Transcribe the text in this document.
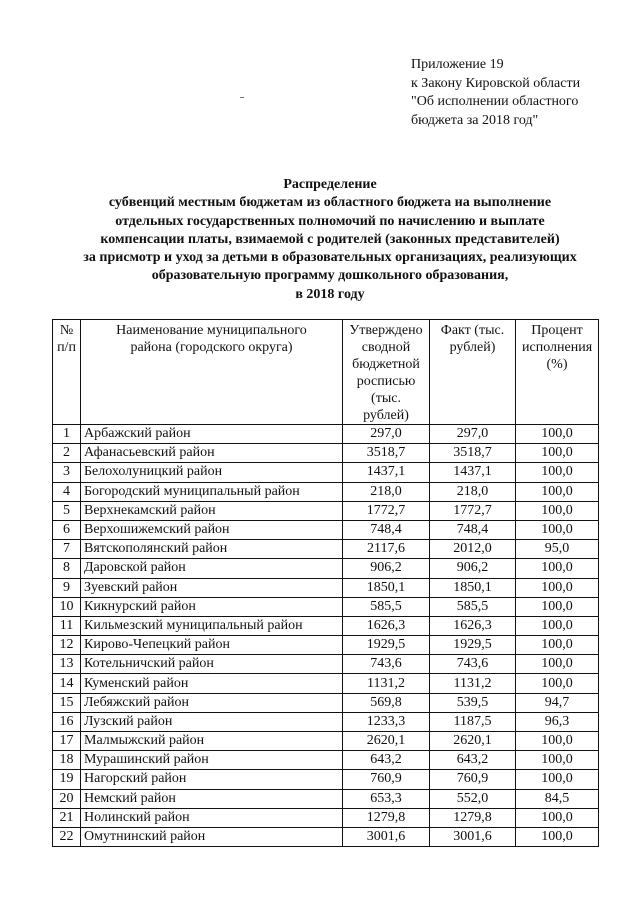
Приложение 19
к Закону Кировской области
"Об исполнении областного
бюджета за 2018 год"
Распределение
субвенций местным бюджетам из областного бюджета на выполнение
отдельных государственных полномочий по начислению и выплате
компенсации платы, взимаемой с родителей (законных представителей)
за присмотр и уход за детьми в образовательных организациях, реализующих
образовательную программу дошкольного образования,
в 2018 году
№ п/п	Наименование муниципального района (городского округа)	Утверждено сводной бюджетной росписью (тыс. рублей)	Факт (тыс. рублей)	Процент исполнения (%)
1	Арбажский район	297,0	297,0	100,0
2	Афанасьевский район	3518,7	3518,7	100,0
3	Белохолуницкий район	1437,1	1437,1	100,0
4	Богородский муниципальный район	218,0	218,0	100,0
5	Верхнекамский район	1772,7	1772,7	100,0
6	Верхошижемский район	748,4	748,4	100,0
7	Вятскополянский район	2117,6	2012,0	95,0
8	Даровской район	906,2	906,2	100,0
9	Зуевский район	1850,1	1850,1	100,0
10	Кикнурский район	585,5	585,5	100,0
11	Кильмезский муниципальный район	1626,3	1626,3	100,0
12	Кирово-Чепецкий район	1929,5	1929,5	100,0
13	Котельничский район	743,6	743,6	100,0
14	Куменский район	1131,2	1131,2	100,0
15	Лебяжский район	569,8	539,5	94,7
16	Лузский район	1233,3	1187,5	96,3
17	Малмыжский район	2620,1	2620,1	100,0
18	Мурашинский район	643,2	643,2	100,0
19	Нагорский район	760,9	760,9	100,0
20	Немский район	653,3	552,0	84,5
21	Нолинский район	1279,8	1279,8	100,0
22	Омутнинский район	3001,6	3001,6	100,0
